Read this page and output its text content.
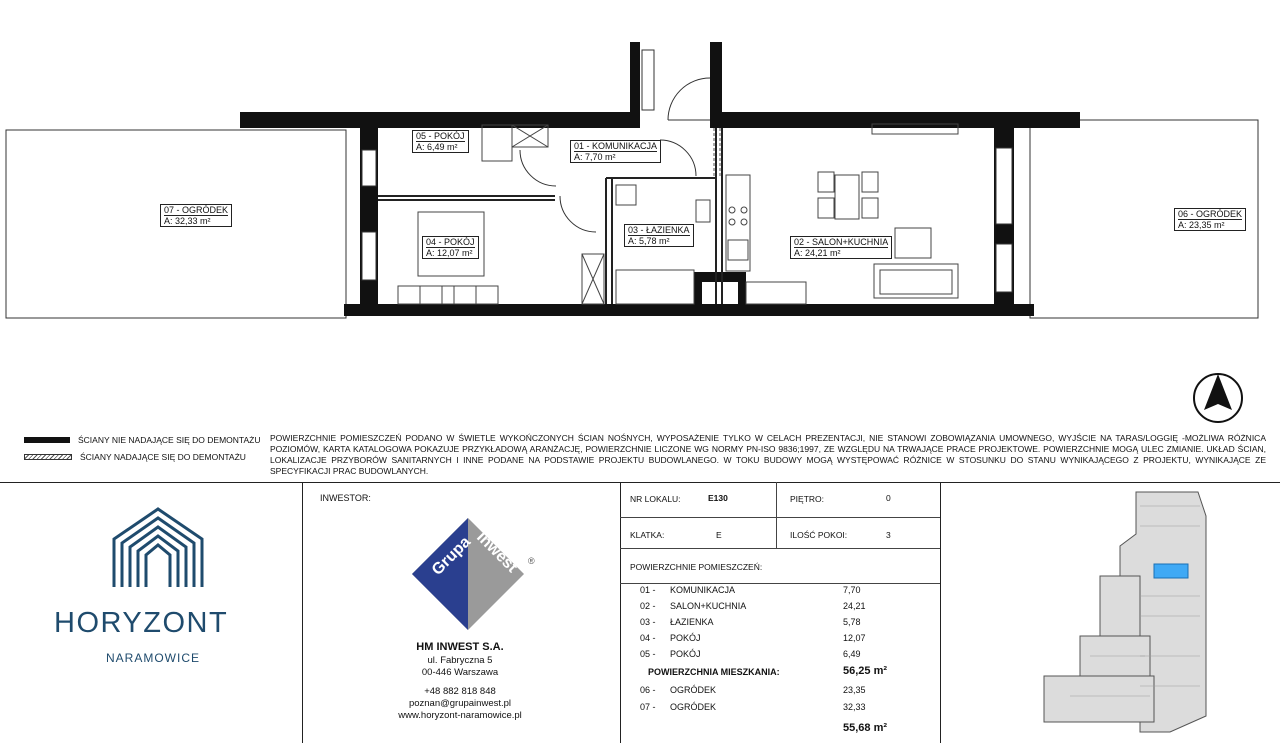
07 - OGRÓDEK
A: 32,33 m²
05 - POKÓJ
A: 6,49 m²	01 - KOMUNIKACJA
A: 7,70 m²
04 - POKÓJ
A: 12,07 m²
03 - ŁAZIENKA
A: 5,78 m²	02 - SALON+KUCHNIA
A: 24,21 m²
06 - OGRÓDEK
A: 23,35 m²
ŚCIANY NIE NADAJĄCE SIĘ DO DEMONTAŻU
ŚCIANY NADAJĄCE SIĘ DO DEMONTAŻU
POWIERZCHNIE POMIESZCZEŃ PODANO W ŚWIETLE WYKOŃCZONYCH ŚCIAN NOŚNYCH, WYPOSAŻENIE TYLKO W CELACH PREZENTACJI, NIE STANOWI ZOBOWIĄZANIA UMOWNEGO, WYJŚCIE NA TARAS/LOGGIĘ -MOŻLIWA RÓŻNICA POZIOMÓW, KARTA KATALOGOWA POKAZUJE PRZYKŁADOWĄ ARANŻACJĘ, POWIERZCHNIE LICZONE WG NORMY PN-ISO 9836;1997, ZE WZGLĘDU NA TRWAJĄCE PRACE PROJEKTOWE. POWIERZCHNIE MOGĄ ULEC ZMIANIE. UKŁAD ŚCIAN, LOKALIZACJE PRZYBORÓW SANITARNYCH I INNE PODANE NA PODSTAWIE PROJEKTU BUDOWLANEGO. W TOKU BUDOWY MOGĄ WYSTĘPOWAĆ RÓŻNICE W STOSUNKU DO STANU WYNIKAJĄCEGO Z PROJEKTU, WYNIKAJĄCE ZE SPECYFIKACJI PRAC BUDOWLANYCH.
HORYZONT
NARAMOWICE
INWESTOR:
Grupa Inwest ®
HM INWEST S.A.
ul. Fabryczna 5
00-446 Warszawa
+48 882 818 848
poznan@grupainwest.pl
www.horyzont-naramowice.pl
NR LOKALU:	E130	PIĘTRO:	0
KLATKA:	E	ILOŚĆ POKOI:	3
POWIERZCHNIE POMIESZCZEŃ:
01 - KOMUNIKACJA	7,70
02 - SALON+KUCHNIA	24,21
03 - ŁAZIENKA	5,78
04 - POKÓJ	12,07
05 - POKÓJ	6,49
POWIERZCHNIA MIESZKANIA:	56,25 m²
06 - OGRÓDEK	23,35
07 - OGRÓDEK	32,33
55,68 m²
